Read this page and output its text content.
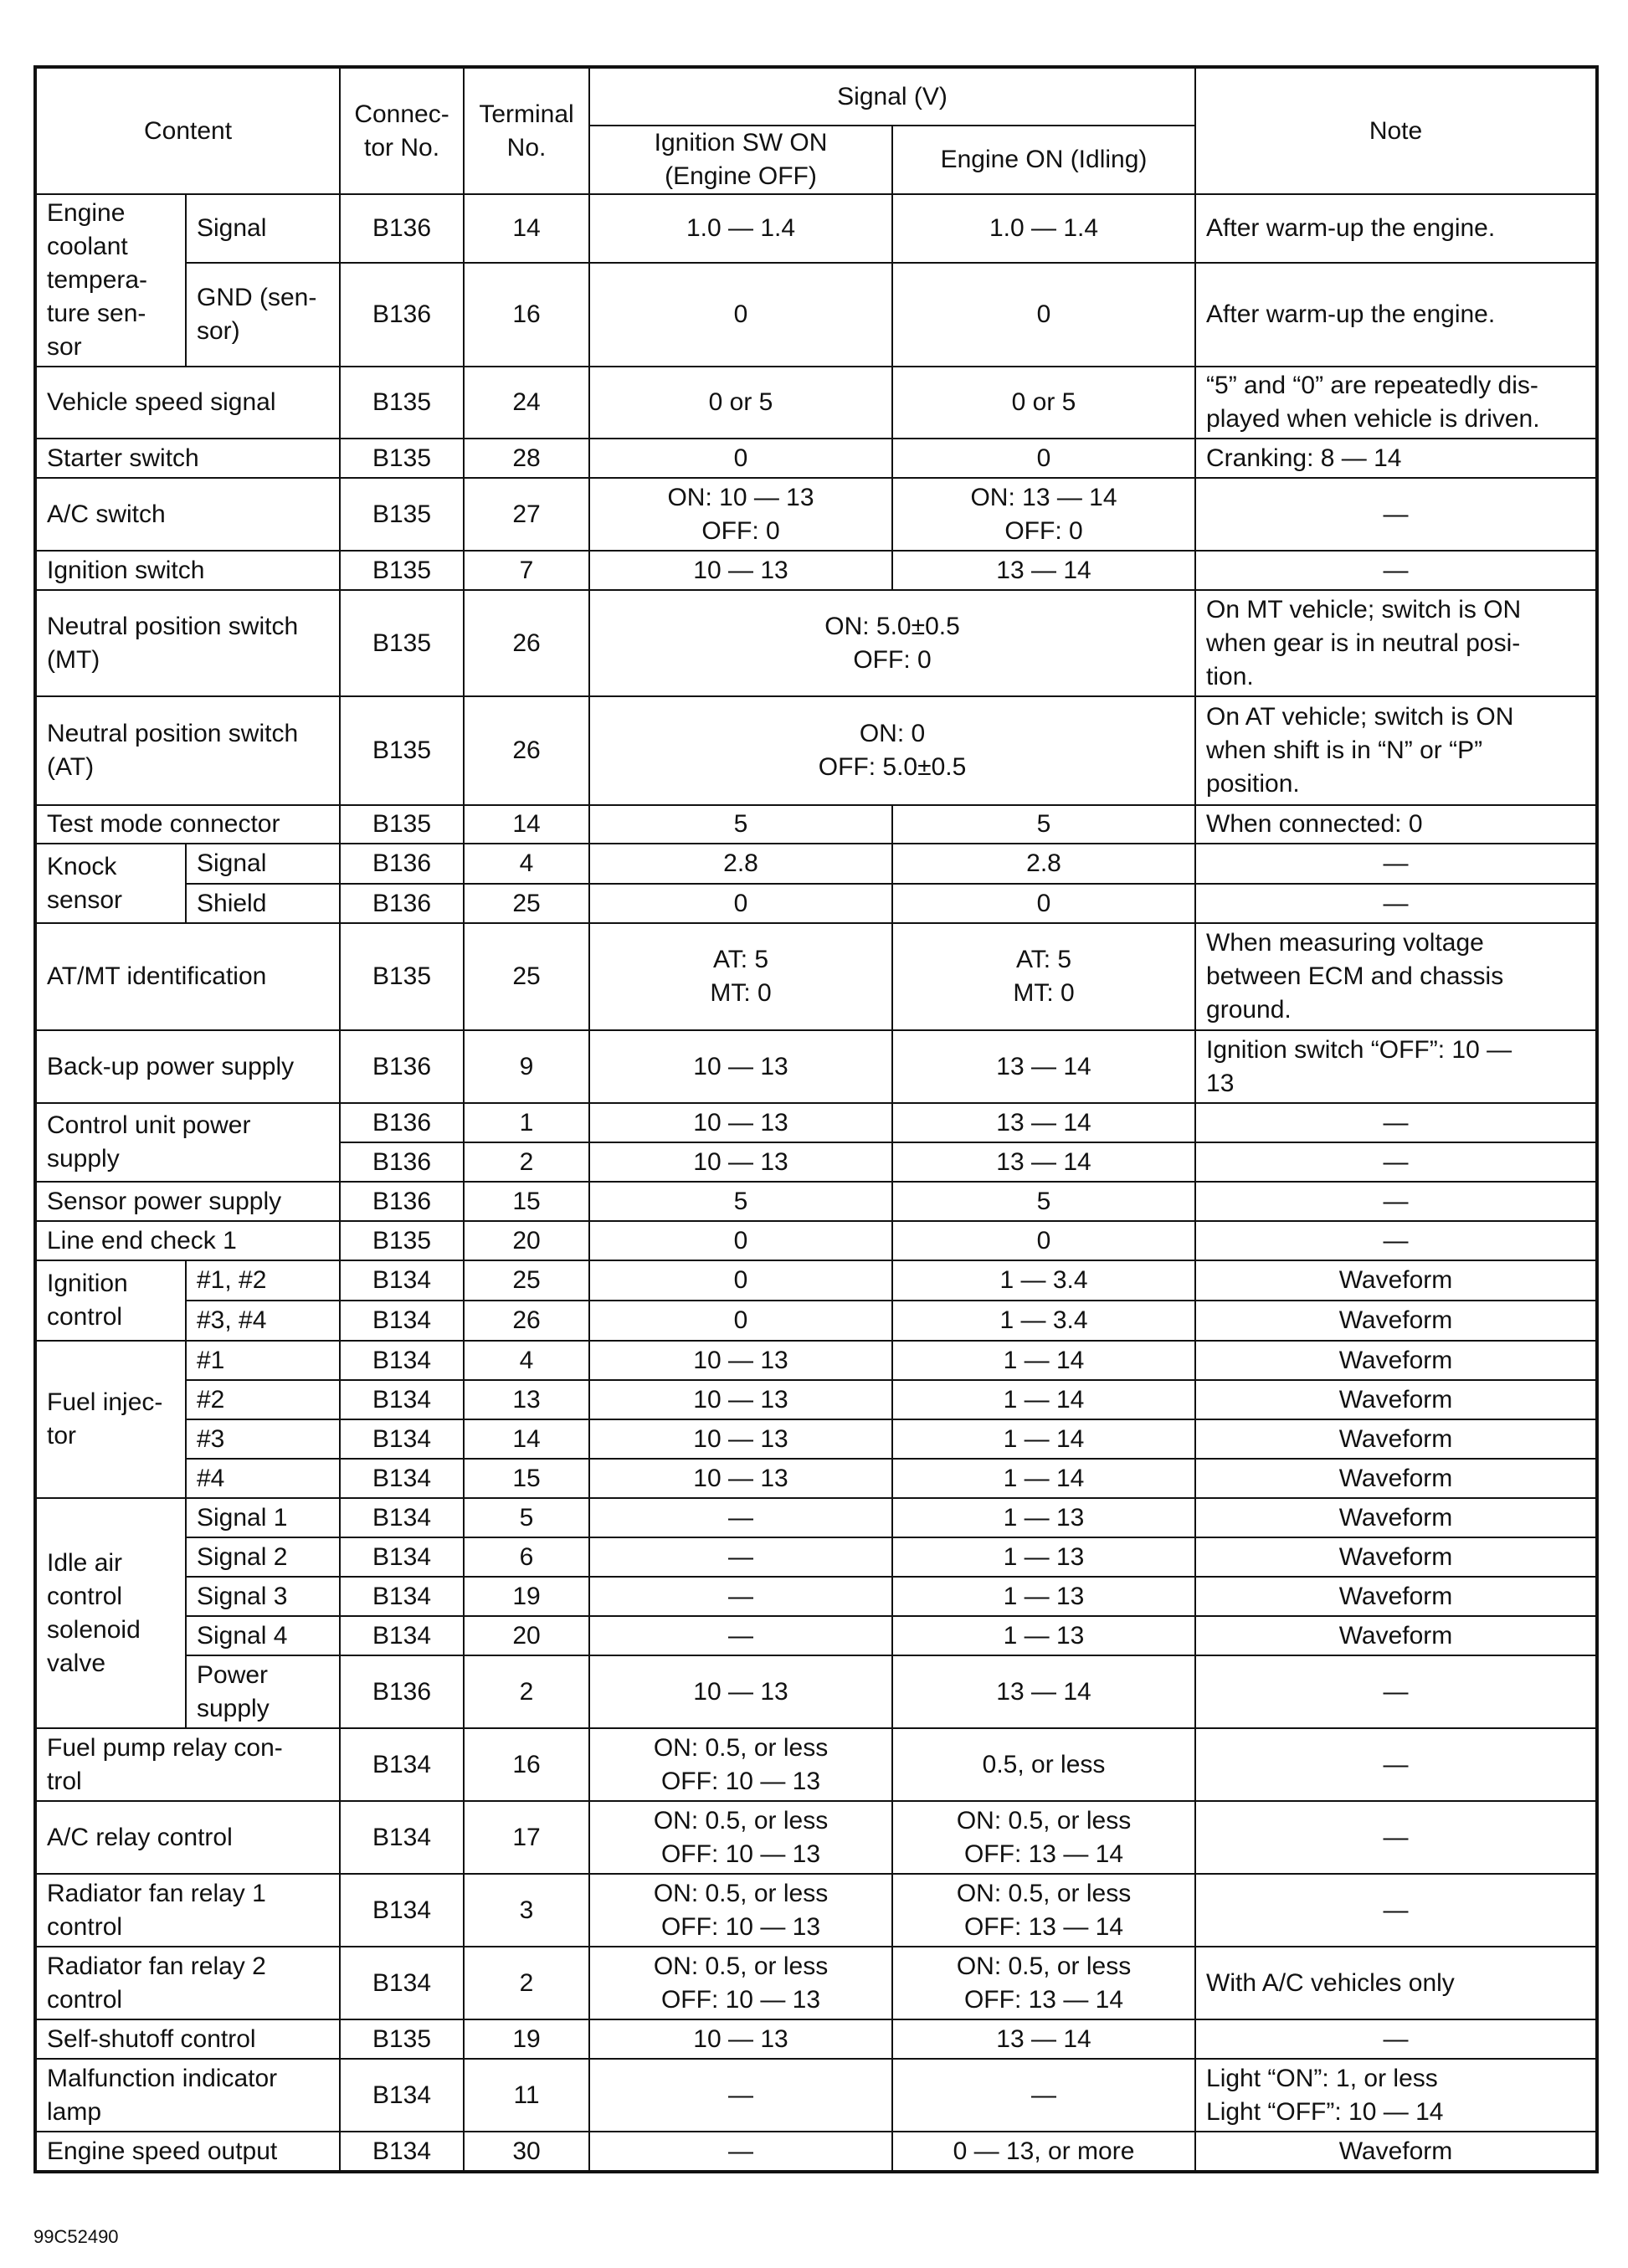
Content		Connec-
tor No.	Terminal
No.	Signal (V)		Note
				Ignition SW ON
(Engine OFF)	Engine ON (Idling)	
Engine
coolant
tempera-
ture sen-
sor	Signal	B136	14	1.0 — 1.4	1.0 — 1.4	After warm-up the engine.
	GND (sen-
sor)	B136	16	0	0	After warm-up the engine.
Vehicle speed signal		B135	24	0 or 5	0 or 5	“5” and “0” are repeatedly dis-
played when vehicle is driven.
Starter switch		B135	28	0	0	Cranking: 8 — 14
A/C switch		B135	27	ON: 10 — 13
OFF: 0	ON: 13 — 14
OFF: 0	—
Ignition switch		B135	7	10 — 13	13 — 14	—
Neutral position switch
(MT)		B135	26	ON: 5.0±0.5
OFF: 0		On MT vehicle; switch is ON
when gear is in neutral posi-
tion.
Neutral position switch
(AT)		B135	26	ON: 0
OFF: 5.0±0.5		On AT vehicle; switch is ON
when shift is in “N” or “P”
position.
Test mode connector		B135	14	5	5	When connected: 0
Knock
sensor	Signal	B136	4	2.8	2.8	—
	Shield	B136	25	0	0	—
AT/MT identification		B135	25	AT: 5
MT: 0	AT: 5
MT: 0	When measuring voltage
between ECM and chassis
ground.
Back-up power supply		B136	9	10 — 13	13 — 14	Ignition switch “OFF”: 10 —
13
Control unit power
supply		B136	1	10 — 13	13 — 14	—
		B136	2	10 — 13	13 — 14	—
Sensor power supply		B136	15	5	5	—
Line end check 1		B135	20	0	0	—
Ignition
control	#1, #2	B134	25	0	1 — 3.4	Waveform
	#3, #4	B134	26	0	1 — 3.4	Waveform
Fuel injec-
tor	#1	B134	4	10 — 13	1 — 14	Waveform
	#2	B134	13	10 — 13	1 — 14	Waveform
	#3	B134	14	10 — 13	1 — 14	Waveform
	#4	B134	15	10 — 13	1 — 14	Waveform
Idle air
control
solenoid
valve	Signal 1	B134	5	—	1 — 13	Waveform
	Signal 2	B134	6	—	1 — 13	Waveform
	Signal 3	B134	19	—	1 — 13	Waveform
	Signal 4	B134	20	—	1 — 13	Waveform
	Power
supply	B136	2	10 — 13	13 — 14	—
Fuel pump relay con-
trol		B134	16	ON: 0.5, or less
OFF: 10 — 13	0.5, or less	—
A/C relay control		B134	17	ON: 0.5, or less
OFF: 10 — 13	ON: 0.5, or less
OFF: 13 — 14	—
Radiator fan relay 1
control		B134	3	ON: 0.5, or less
OFF: 10 — 13	ON: 0.5, or less
OFF: 13 — 14	—
Radiator fan relay 2
control		B134	2	ON: 0.5, or less
OFF: 10 — 13	ON: 0.5, or less
OFF: 13 — 14	With A/C vehicles only
Self-shutoff control		B135	19	10 — 13	13 — 14	—
Malfunction indicator
lamp		B134	11	—	—	Light “ON”: 1, or less
Light “OFF”: 10 — 14
Engine speed output		B134	30	—	0 — 13, or more	Waveform
99C52490
